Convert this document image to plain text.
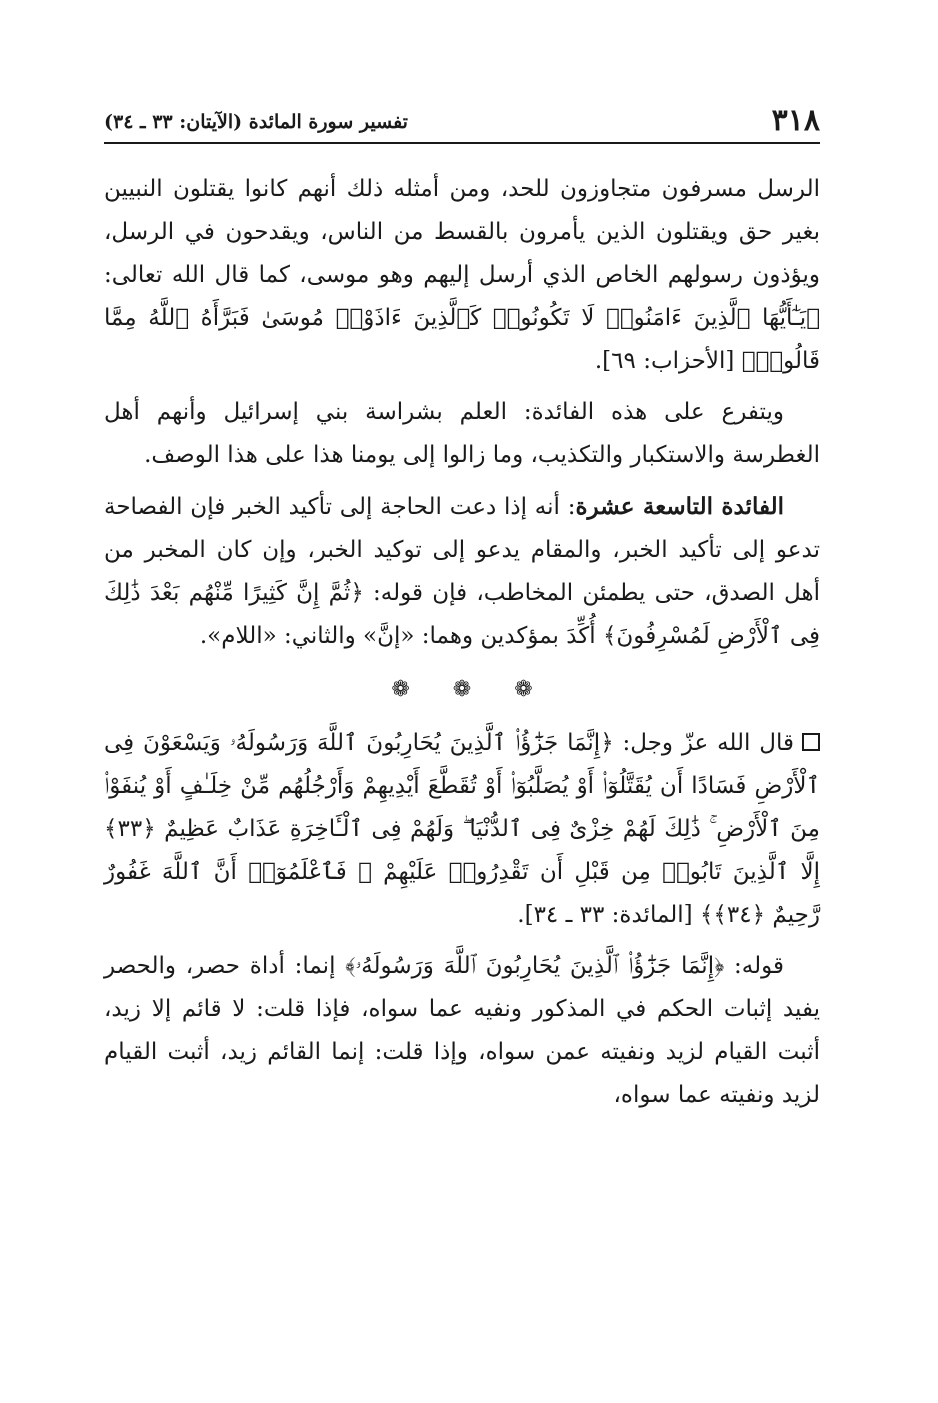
٣١٨
تفسير سورة المائدة (الآيتان: ٣٣ ـ ٣٤)

الرسل مسرفون متجاوزون للحد، ومن أمثله ذلك أنهم كانوا يقتلون النبيين بغير حق ويقتلون الذين يأمرون بالقسط من الناس، ويقدحون في الرسل، ويؤذون رسولهم الخاص الذي أرسل إليهم وهو موسى، كما قال الله تعالى: ﴿يَـٰٓأَيُّهَا ٱلَّذِينَ ءَامَنُوا۟ لَا تَكُونُوا۟ كَٱلَّذِينَ ءَاذَوْا۟ مُوسَىٰ فَبَرَّأَهُ ٱللَّهُ مِمَّا قَالُوا۟﴾ [الأحزاب: ٦٩].

ويتفرع على هذه الفائدة: العلم بشراسة بني إسرائيل وأنهم أهل الغطرسة والاستكبار والتكذيب، وما زالوا إلى يومنا هذا على هذا الوصف.

الفائدة التاسعة عشرة: أنه إذا دعت الحاجة إلى تأكيد الخبر فإن الفصاحة تدعو إلى تأكيد الخبر، والمقام يدعو إلى توكيد الخبر، وإن كان المخبر من أهل الصدق، حتى يطمئن المخاطب، فإن قوله: ﴿ثُمَّ إِنَّ كَثِيرًا مِّنْهُم بَعْدَ ذَٰلِكَ فِى ٱلْأَرْضِ لَمُسْرِفُونَ﴾ أُكِّدَ بمؤكدين وهما: «إنَّ» والثاني: «اللام».

❁ ❁ ❁

قال الله عزّ وجل: ﴿إِنَّمَا جَزَٰٓؤُا۟ ٱلَّذِينَ يُحَارِبُونَ ٱللَّهَ وَرَسُولَهُۥ وَيَسْعَوْنَ فِى ٱلْأَرْضِ فَسَادًا أَن يُقَتَّلُوٓا۟ أَوْ يُصَلَّبُوٓا۟ أَوْ تُقَطَّعَ أَيْدِيهِمْ وَأَرْجُلُهُم مِّنْ خِلَـٰفٍ أَوْ يُنفَوْا۟ مِنَ ٱلْأَرْضِ ۚ ذَٰلِكَ لَهُمْ خِزْىٌ فِى ٱلدُّنْيَا ۖ وَلَهُمْ فِى ٱلْـَٔاخِرَةِ عَذَابٌ عَظِيمٌ ﴿٣٣﴾ إِلَّا ٱلَّذِينَ تَابُوا۟ مِن قَبْلِ أَن تَقْدِرُوا۟ عَلَيْهِمْ ۖ فَٱعْلَمُوٓا۟ أَنَّ ٱللَّهَ غَفُورٌ رَّحِيمٌ ﴿٣٤﴾﴾ [المائدة: ٣٣ ـ ٣٤].

قوله: ﴿إِنَّمَا جَزَٰٓؤُا۟ ٱلَّذِينَ يُحَارِبُونَ ٱللَّهَ وَرَسُولَهُۥ﴾ إنما: أداة حصر، والحصر يفيد إثبات الحكم في المذكور ونفيه عما سواه، فإذا قلت: لا قائم إلا زيد، أثبت القيام لزيد ونفيته عمن سواه، وإذا قلت: إنما القائم زيد، أثبت القيام لزيد ونفيته عما سواه،
